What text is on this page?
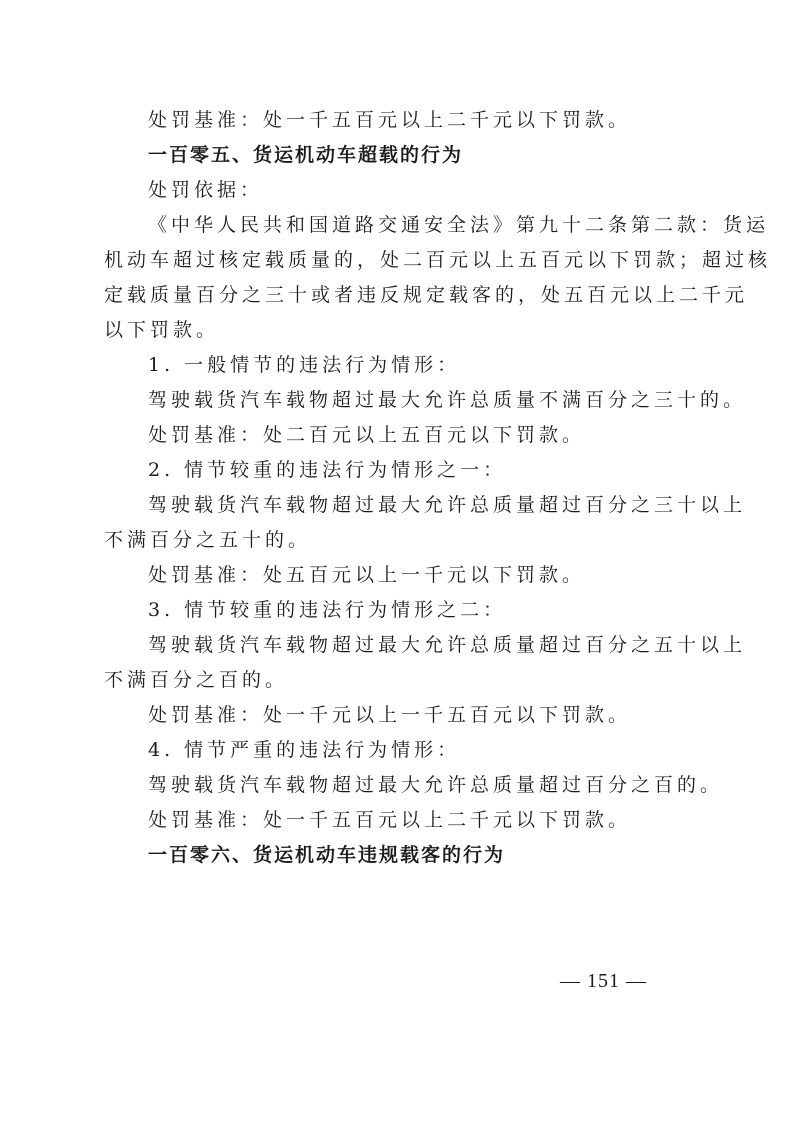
处罚基准：处一千五百元以上二千元以下罚款。
一百零五、货运机动车超载的行为
处罚依据：
《中华人民共和国道路交通安全法》第九十二条第二款：货运
机动车超过核定载质量的，处二百元以上五百元以下罚款；超过核
定载质量百分之三十或者违反规定载客的，处五百元以上二千元
以下罚款。
1. 一般情节的违法行为情形：
驾驶载货汽车载物超过最大允许总质量不满百分之三十的。
处罚基准：处二百元以上五百元以下罚款。
2. 情节较重的违法行为情形之一：
驾驶载货汽车载物超过最大允许总质量超过百分之三十以上
不满百分之五十的。
处罚基准：处五百元以上一千元以下罚款。
3. 情节较重的违法行为情形之二：
驾驶载货汽车载物超过最大允许总质量超过百分之五十以上
不满百分之百的。
处罚基准：处一千元以上一千五百元以下罚款。
4. 情节严重的违法行为情形：
驾驶载货汽车载物超过最大允许总质量超过百分之百的。
处罚基准：处一千五百元以上二千元以下罚款。
一百零六、货运机动车违规载客的行为
— 151 —
